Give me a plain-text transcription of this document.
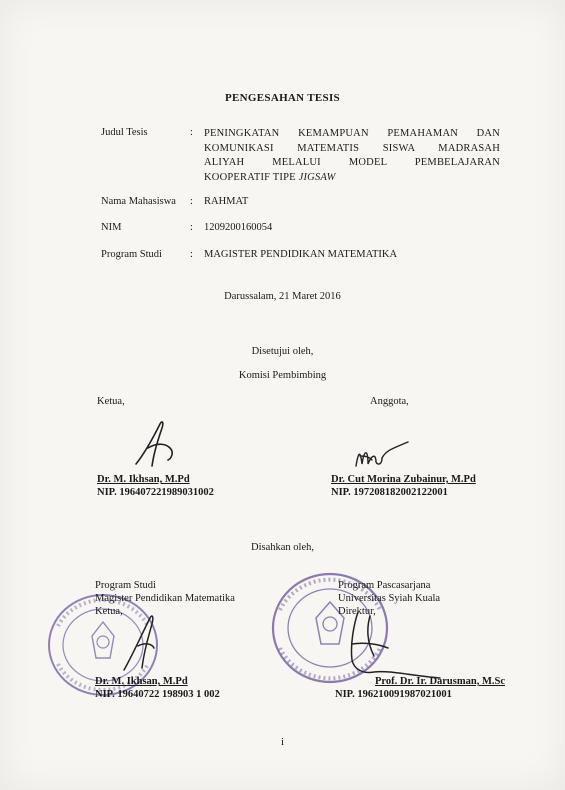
PENGESAHAN TESIS
Judul Tesis	: PENINGKATAN KEMAMPUAN PEMAHAMAN DAN
KOMUNIKASI MATEMATIS SISWA MADRASAH
ALIYAH MELALUI MODEL PEMBELAJARAN
KOOPERATIF TIPE JIGSAW
Nama Mahasiswa : RAHMAT
NIM	: 1209200160054
Program Studi	: MAGISTER PENDIDIKAN MATEMATIKA
Darussalam, 21 Maret 2016
Disetujui oleh,
Komisi Pembimbing
Ketua,
Dr. M. Ikhsan, M.Pd
NIP. 196407221989031002
Anggota,
Dr. Cut Morina Zubainur, M.Pd
NIP. 197208182002122001
Disahkan oleh,
Program Studi
Magister Pendidikan Matematika
Ketua,
Dr. M. Ikhsan, M.Pd
NIP. 19640722 198903 1 002
Program Pascasarjana
Universitas Syiah Kuala
Direktur,
Prof. Dr. Ir. Darusman, M.Sc
NIP. 196210091987021001
i
